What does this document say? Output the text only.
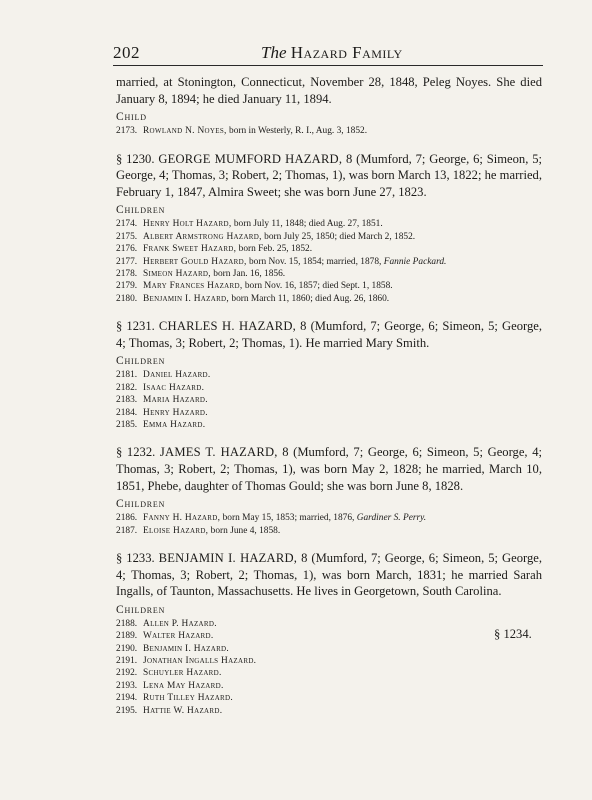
202	The Hazard Family

married, at Stonington, Connecticut, November 28, 1848, Peleg Noyes. She died January 8, 1894; he died January 11, 1894.

Child
2173. Rowland N. Noyes, born in Westerly, R. I., Aug. 3, 1852.

§ 1230. GEORGE MUMFORD HAZARD, 8 (Mumford, 7; George, 6; Simeon, 5; George, 4; Thomas, 3; Robert, 2; Thomas, 1), was born March 13, 1822; he married, February 1, 1847, Almira Sweet; she was born June 27, 1823.

Children
2174. Henry Holt Hazard, born July 11, 1848; died Aug. 27, 1851.
2175. Albert Armstrong Hazard, born July 25, 1850; died March 2, 1852.
2176. Frank Sweet Hazard, born Feb. 25, 1852.
2177. Herbert Gould Hazard, born Nov. 15, 1854; married, 1878, Fannie Packard.
2178. Simeon Hazard, born Jan. 16, 1856.
2179. Mary Frances Hazard, born Nov. 16, 1857; died Sept. 1, 1858.
2180. Benjamin I. Hazard, born March 11, 1860; died Aug. 26, 1860.

§ 1231. CHARLES H. HAZARD, 8 (Mumford, 7; George, 6; Simeon, 5; George, 4; Thomas, 3; Robert, 2; Thomas, 1). He married Mary Smith.

Children
2181. Daniel Hazard.
2182. Isaac Hazard.
2183. Maria Hazard.
2184. Henry Hazard.
2185. Emma Hazard.

§ 1232. JAMES T. HAZARD, 8 (Mumford, 7; George, 6; Simeon, 5; George, 4; Thomas, 3; Robert, 2; Thomas, 1), was born May 2, 1828; he married, March 10, 1851, Phebe, daughter of Thomas Gould; she was born June 8, 1828.

Children
2186. Fanny H. Hazard, born May 15, 1853; married, 1876, Gardiner S. Perry.
2187. Eloise Hazard, born June 4, 1858.

§ 1233. BENJAMIN I. HAZARD, 8 (Mumford, 7; George, 6; Simeon, 5; George, 4; Thomas, 3; Robert, 2; Thomas, 1), was born March, 1831; he married Sarah Ingalls, of Taunton, Massachusetts. He lives in Georgetown, South Carolina.

Children
2188. Allen P. Hazard.
2189. Walter Hazard.
2190. Benjamin I. Hazard.
2191. Jonathan Ingalls Hazard.
2192. Schuyler Hazard.
2193. Lena May Hazard.
2194. Ruth Tilley Hazard.
2195. Hattie W. Hazard.
§ 1234.
